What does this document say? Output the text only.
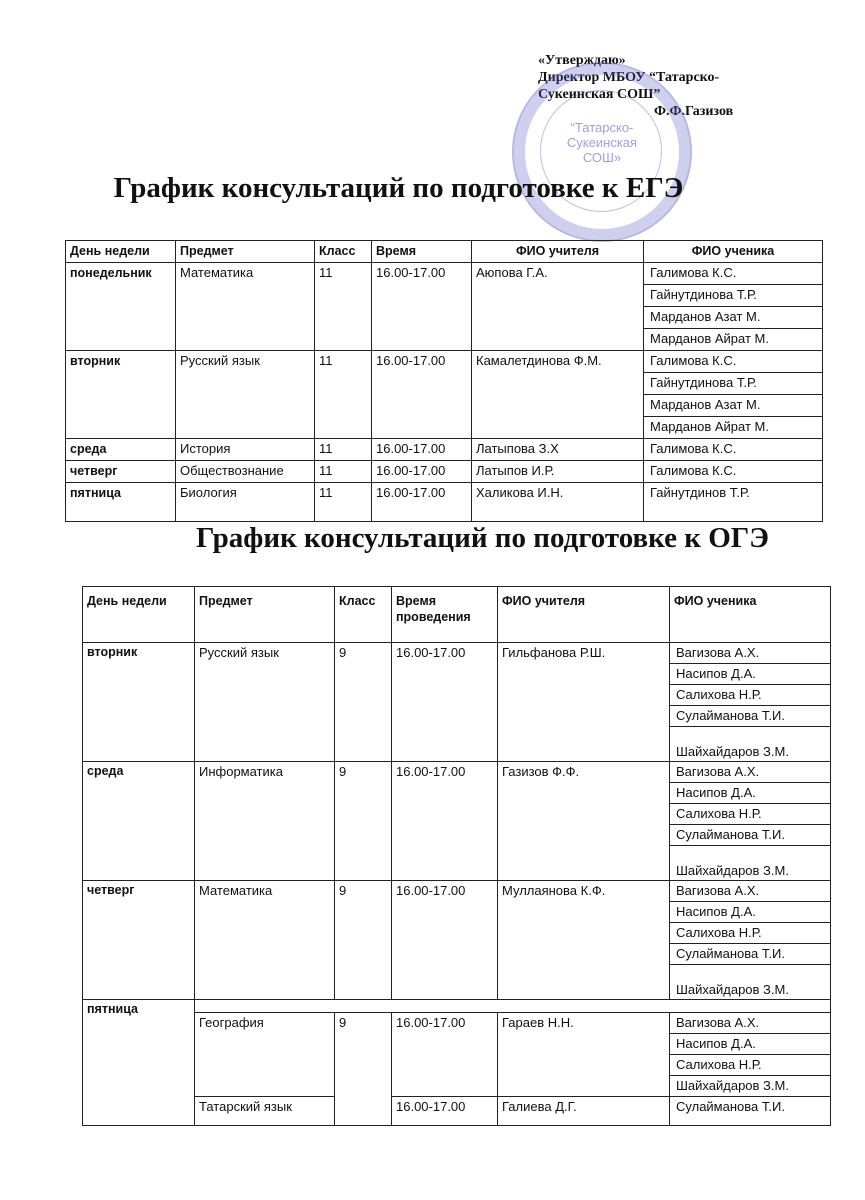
«Утверждаю»
Директор МБОУ “Татарско-
Сукеинская СОШ”
Ф.Ф.Газизов
“Татарско-
Сукеинская
СОШ»
График консультаций по подготовке к ЕГЭ
День недели	Предмет	Класс	Время	ФИО учителя	ФИО ученика
понедельник	Математика	11	16.00-17.00	Аюпова Г.А.	Галимова К.С.
					Гайнутдинова Т.Р.
					Марданов Азат М.
					Марданов Айрат М.
вторник	Русский язык	11	16.00-17.00	Камалетдинова Ф.М.	Галимова К.С.
					Гайнутдинова Т.Р.
					Марданов Азат М.
					Марданов Айрат М.
среда	История	11	16.00-17.00	Латыпова З.Х	Галимова К.С.
четверг	Обществознание	11	16.00-17.00	Латыпов И.Р.	Галимова К.С.
пятница	Биология	11	16.00-17.00	Халикова И.Н.	Гайнутдинов Т.Р.
График консультаций по подготовке к ОГЭ
День недели	Предмет	Класс	Время проведения	ФИО учителя	ФИО ученика
вторник	Русский язык	9	16.00-17.00	Гильфанова Р.Ш.	Вагизова А.Х.
					Насипов Д.А.
					Салихова Н.Р.
					Сулайманова Т.И.
					Шайхайдаров З.М.
среда	Информатика	9	16.00-17.00	Газизов Ф.Ф.	Вагизова А.Х.
					Насипов Д.А.
					Салихова Н.Р.
					Сулайманова Т.И.
					Шайхайдаров З.М.
четверг	Математика	9	16.00-17.00	Муллаянова К.Ф.	Вагизова А.Х.
					Насипов Д.А.
					Салихова Н.Р.
					Сулайманова Т.И.
					Шайхайдаров З.М.
пятница					
	География	9	16.00-17.00	Гараев Н.Н.	Вагизова А.Х.
					Насипов Д.А.
					Салихова Н.Р.
					Шайхайдаров З.М.
	Татарский язык		16.00-17.00	Галиева Д.Г.	Сулайманова Т.И.
